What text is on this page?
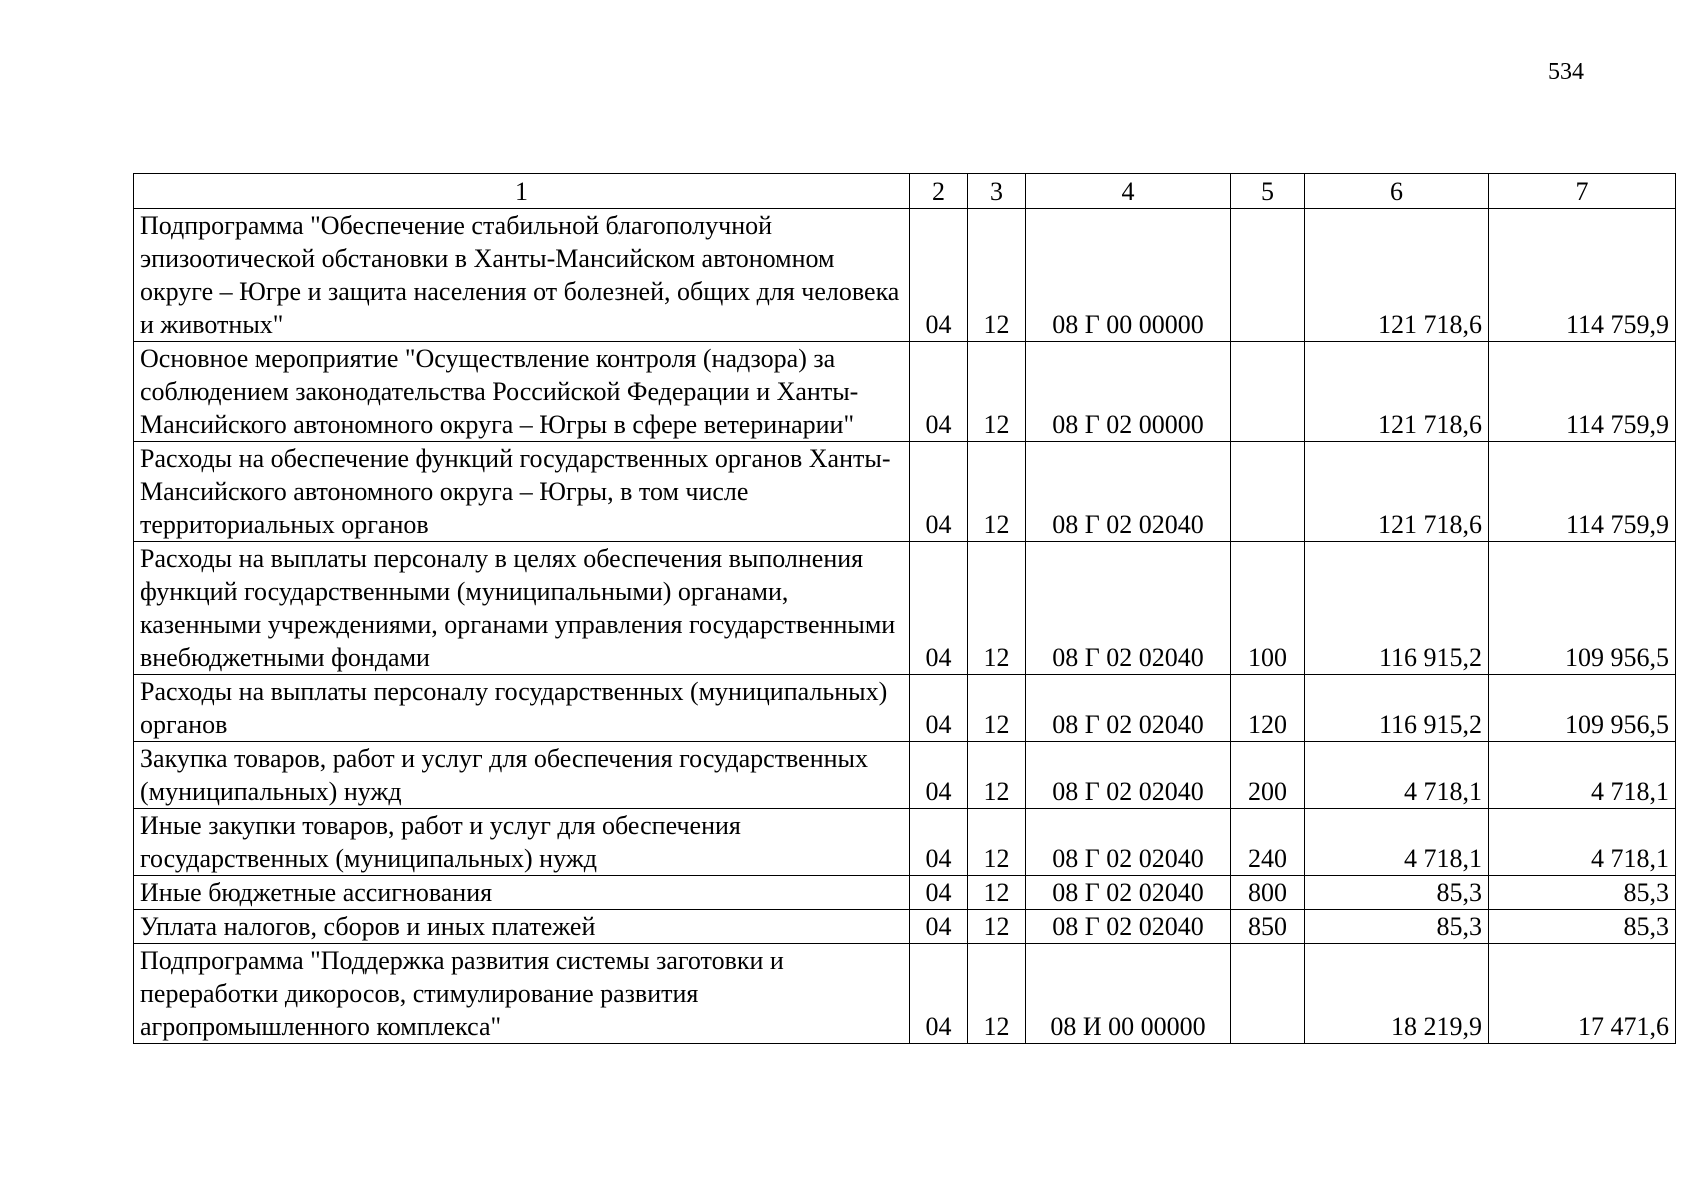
534
1	2	3	4	5	6	7
Подпрограмма "Обеспечение стабильной благополучной эпизоотической обстановки в Ханты-Мансийском автономном округе – Югре и защита населения от болезней, общих для человека и животных"	04	12	08 Г 00 00000		121 718,6	114 759,9
Основное мероприятие "Осуществление контроля (надзора) за соблюдением законодательства Российской Федерации и Ханты-Мансийского автономного округа – Югры в сфере ветеринарии"	04	12	08 Г 02 00000		121 718,6	114 759,9
Расходы на обеспечение функций государственных органов Ханты-Мансийского автономного округа – Югры, в том числе территориальных органов	04	12	08 Г 02 02040		121 718,6	114 759,9
Расходы на выплаты персоналу в целях обеспечения выполнения функций государственными (муниципальными) органами, казенными учреждениями, органами управления государственными внебюджетными фондами	04	12	08 Г 02 02040	100	116 915,2	109 956,5
Расходы на выплаты персоналу государственных (муниципальных) органов	04	12	08 Г 02 02040	120	116 915,2	109 956,5
Закупка товаров, работ и услуг для обеспечения государственных (муниципальных) нужд	04	12	08 Г 02 02040	200	4 718,1	4 718,1
Иные закупки товаров, работ и услуг для обеспечения государственных (муниципальных) нужд	04	12	08 Г 02 02040	240	4 718,1	4 718,1
Иные бюджетные ассигнования	04	12	08 Г 02 02040	800	85,3	85,3
Уплата налогов, сборов и иных платежей	04	12	08 Г 02 02040	850	85,3	85,3
Подпрограмма "Поддержка развития системы заготовки и переработки дикоросов, стимулирование развития агропромышленного комплекса"	04	12	08 И 00 00000		18 219,9	17 471,6
